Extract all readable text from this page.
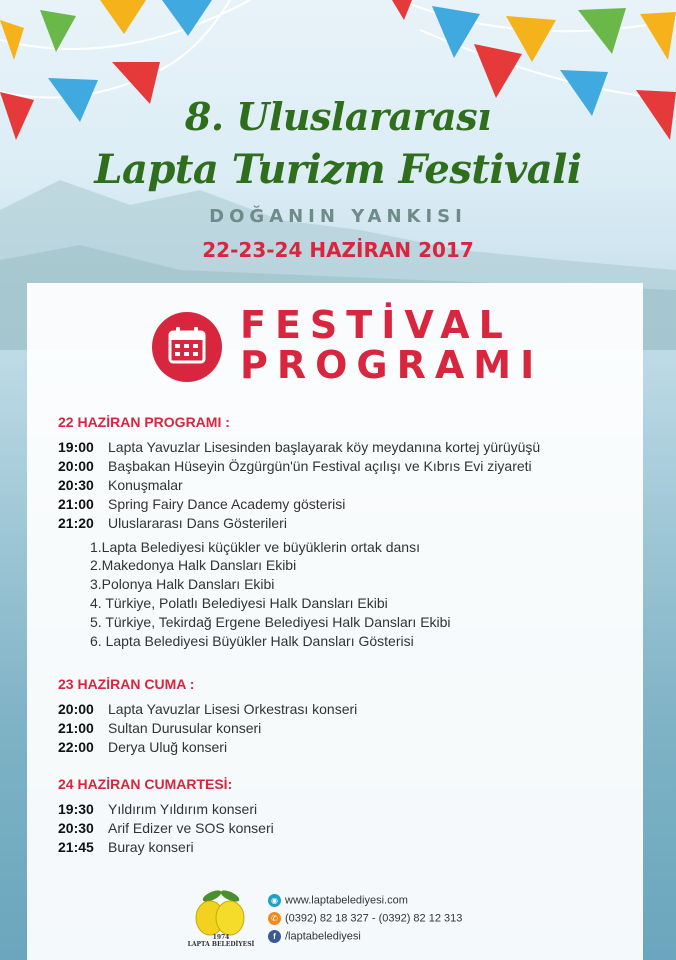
8. Uluslararası
Lapta Turizm Festivali
DOĞANIN YANKISI
22-23-24 HAZİRAN 2017
FESTİVAL
PROGRAMI
22 HAZİRAN PROGRAMI :
19:00 Lapta Yavuzlar Lisesinden başlayarak köy meydanına kortej yürüyüşü
20:00 Başbakan Hüseyin Özgürgün'ün Festival açılışı ve Kıbrıs Evi ziyareti
20:30 Konuşmalar
21:00 Spring Fairy Dance Academy gösterisi
21:20 Uluslararası Dans Gösterileri
1.Lapta Belediyesi küçükler ve büyüklerin ortak dansı
2.Makedonya Halk Dansları Ekibi
3.Polonya Halk Dansları Ekibi
4. Türkiye, Polatlı Belediyesi Halk Dansları Ekibi
5. Türkiye, Tekirdağ Ergene Belediyesi Halk Dansları Ekibi
6. Lapta Belediyesi Büyükler Halk Dansları Gösterisi
23 HAZİRAN CUMA :
20:00 Lapta Yavuzlar Lisesi Orkestrası konseri
21:00 Sultan Durusular konseri
22:00 Derya Uluğ konseri
24 HAZİRAN CUMARTESİ:
19:30 Yıldırım Yıldırım konseri
20:30 Arif Edizer ve SOS konseri
21:45 Buray konseri
1974
LAPTA BELEDİYESİ
◉ www.laptabelediyesi.com
✆ (0392) 82 18 327 - (0392) 82 12 313
f /laptabelediyesi
